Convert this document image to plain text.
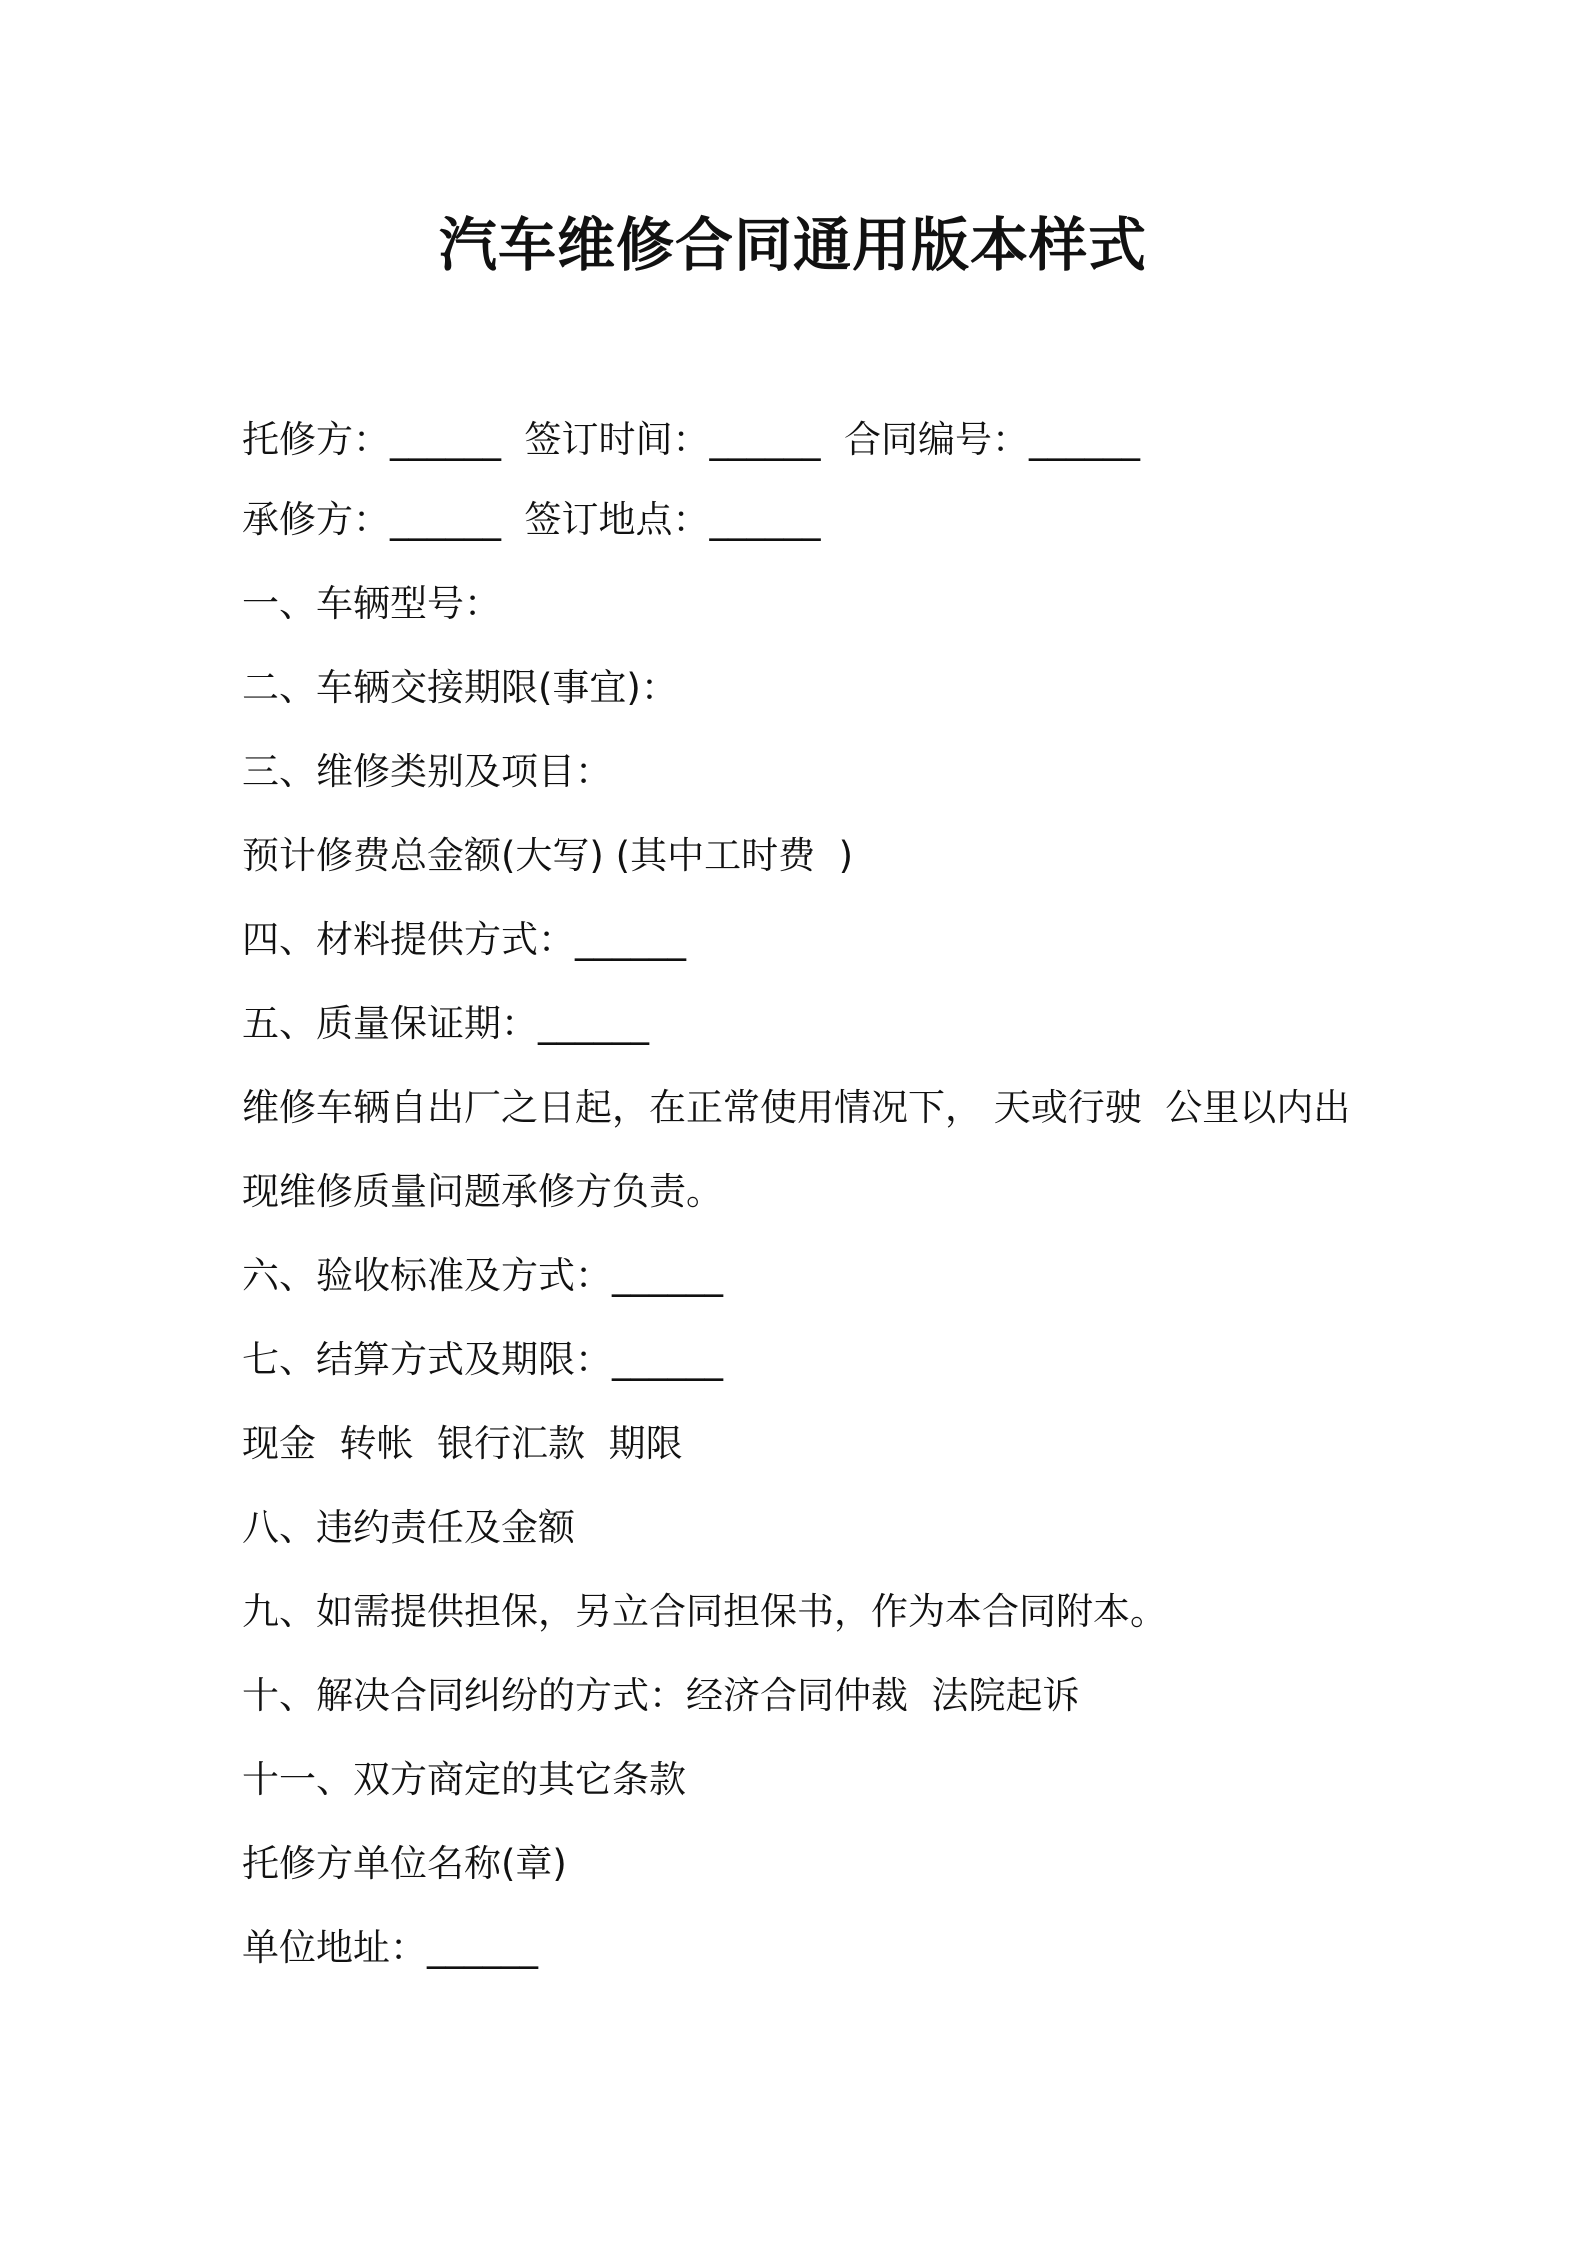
汽车维修合同通用版本样式
托修方：______  签订时间：______  合同编号：______
承修方：______  签订地点：______
一、车辆型号：
二、车辆交接期限(事宜)：
三、维修类别及项目：
预计修费总金额(大写) (其中工时费  )
四、材料提供方式：______
五、质量保证期：______
维修车辆自出厂之日起，在正常使用情况下， 天或行驶  公里以内出
现维修质量问题承修方负责。
六、验收标准及方式：______
七、结算方式及期限：______
现金  转帐  银行汇款  期限
八、违约责任及金额
九、如需提供担保，另立合同担保书，作为本合同附本。
十、解决合同纠纷的方式：经济合同仲裁  法院起诉
十一、双方商定的其它条款
托修方单位名称(章)
单位地址：______
